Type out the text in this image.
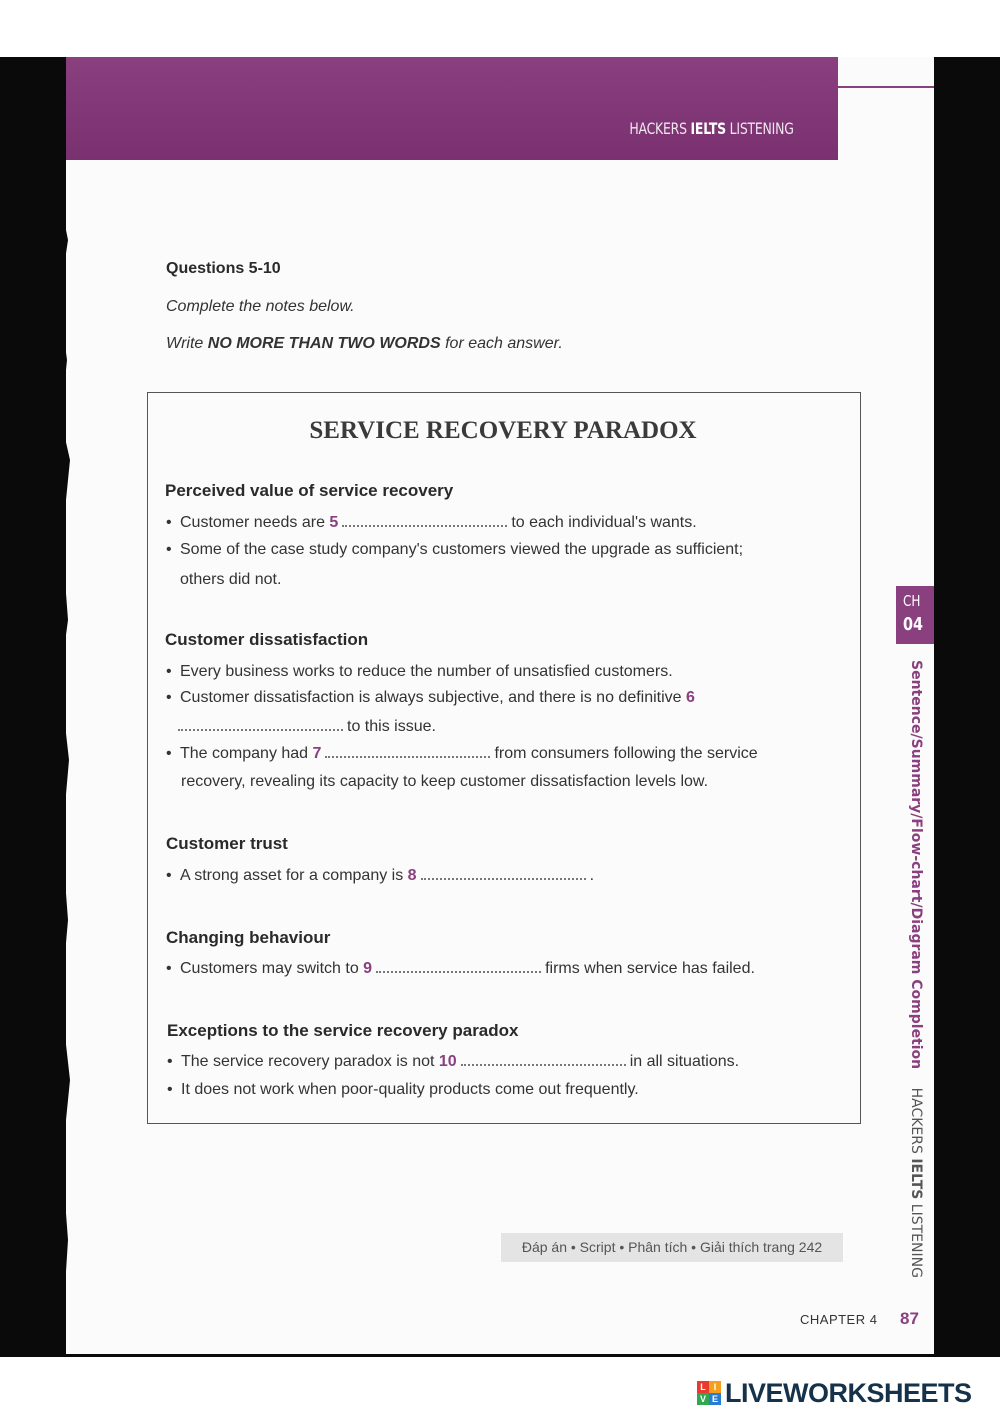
HACKERS IELTS LISTENING
Questions 5-10
Complete the notes below.
Write NO MORE THAN TWO WORDS for each answer.
SERVICE RECOVERY PARADOX
Perceived value of service recovery
• Customer needs are 5	to each individual's wants.
• Some of the case study company's customers viewed the upgrade as sufficient;
others did not.
Customer dissatisfaction
• Every business works to reduce the number of unsatisfied customers.
• Customer dissatisfaction is always subjective, and there is no definitive 6
to this issue.
• The company had 7	from consumers following the service
recovery, revealing its capacity to keep customer dissatisfaction levels low.
Customer trust
• A strong asset for a company is 8	.
Changing behaviour
• Customers may switch to 9	firms when service has failed.
Exceptions to the service recovery paradox
• The service recovery paradox is not 10	in all situations.
• It does not work when poor-quality products come out frequently.
CH
04
Sentence/Summary/Flow-chart/Diagram Completion HACKERS IELTS LISTENING
Đáp án • Script • Phân tích • Giải thích trang 242
CHAPTER 4 87
L I
V E LIVEWORKSHEETS
